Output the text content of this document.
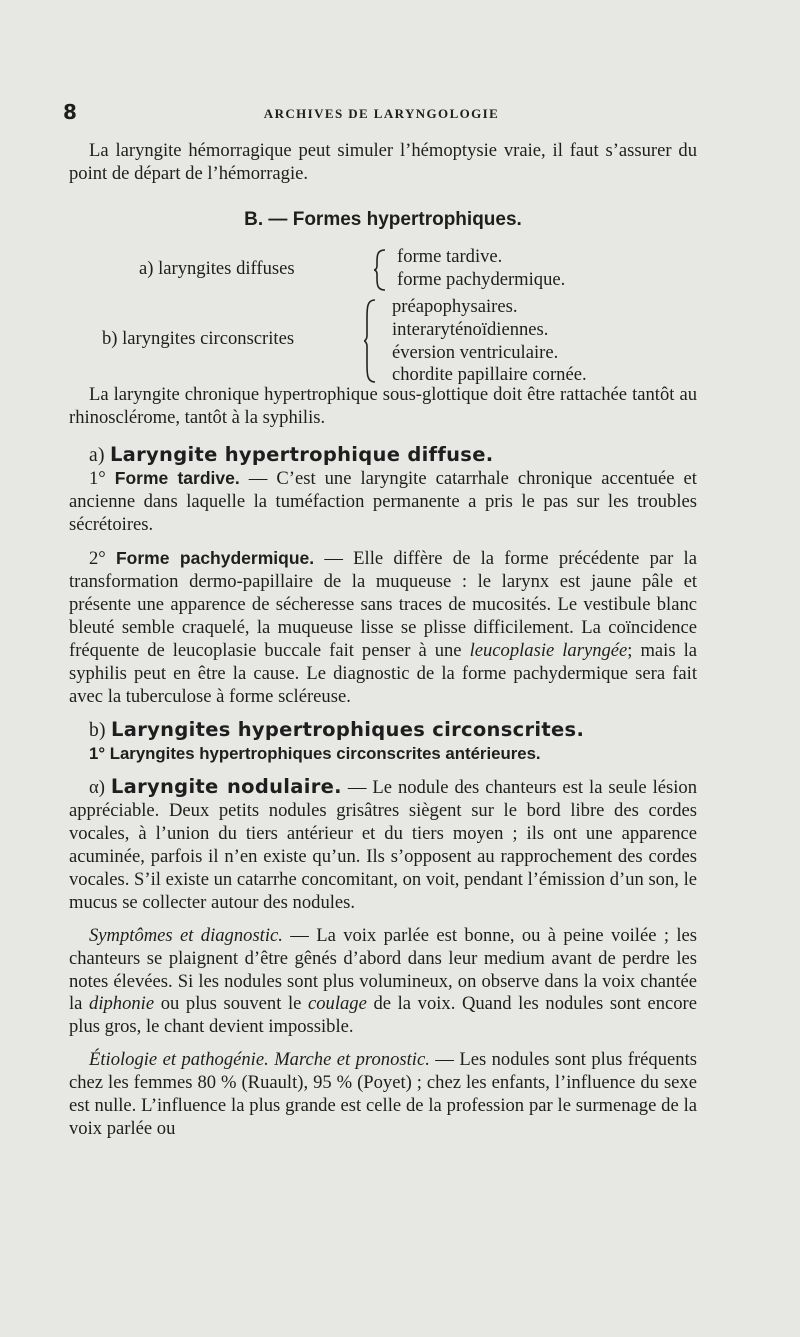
8	ARCHIVES DE LARYNGOLOGIE

La laryngite hémorragique peut simuler l’hémoptysie vraie, il faut s’assurer du point de départ de l’hémorragie.

B. — Formes hypertrophiques.
a) laryngites diffuses
forme tardive.
forme pachydermique.
b) laryngites circonscrites
préapophysaires.
interaryténoïdiennes.
éversion ventriculaire.
chordite papillaire cornée.

La laryngite chronique hypertrophique sous-glottique doit être rattachée tantôt au rhinosclérome, tantôt à la syphilis.

a) Laryngite hypertrophique diffuse.

1° Forme tardive. — C’est une laryngite catarrhale chronique accentuée et ancienne dans laquelle la tuméfaction permanente a pris le pas sur les troubles sécrétoires.

2° Forme pachydermique. — Elle diffère de la forme précédente par la transformation dermo-papillaire de la muqueuse : le larynx est jaune pâle et présente une apparence de sécheresse sans traces de mucosités. Le vestibule blanc bleuté semble craquelé, la muqueuse lisse se plisse difficilement. La coïncidence fréquente de leucoplasie buccale fait penser à une leucoplasie laryngée; mais la syphilis peut en être la cause. Le diagnostic de la forme pachydermique sera fait avec la tuberculose à forme scléreuse.

b) Laryngites hypertrophiques circonscrites.
1° Laryngites hypertrophiques circonscrites antérieures.

α) Laryngite nodulaire. — Le nodule des chanteurs est la seule lésion appréciable. Deux petits nodules grisâtres siègent sur le bord libre des cordes vocales, à l’union du tiers antérieur et du tiers moyen ; ils ont une apparence acuminée, parfois il n’en existe qu’un. Ils s’opposent au rapprochement des cordes vocales. S’il existe un catarrhe concomitant, on voit, pendant l’émission d’un son, le mucus se collecter autour des nodules.

Symptômes et diagnostic. — La voix parlée est bonne, ou à peine voilée ; les chanteurs se plaignent d’être gênés d’abord dans leur medium avant de perdre les notes élevées. Si les nodules sont plus volumineux, on observe dans la voix chantée la diphonie ou plus souvent le coulage de la voix. Quand les nodules sont encore plus gros, le chant devient impossible.

Étiologie et pathogénie. Marche et pronostic. — Les nodules sont plus fréquents chez les femmes 80 % (Ruault), 95 % (Poyet) ; chez les enfants, l’influence du sexe est nulle. L’influence la plus grande est celle de la profession par le surmenage de la voix parlée ou
